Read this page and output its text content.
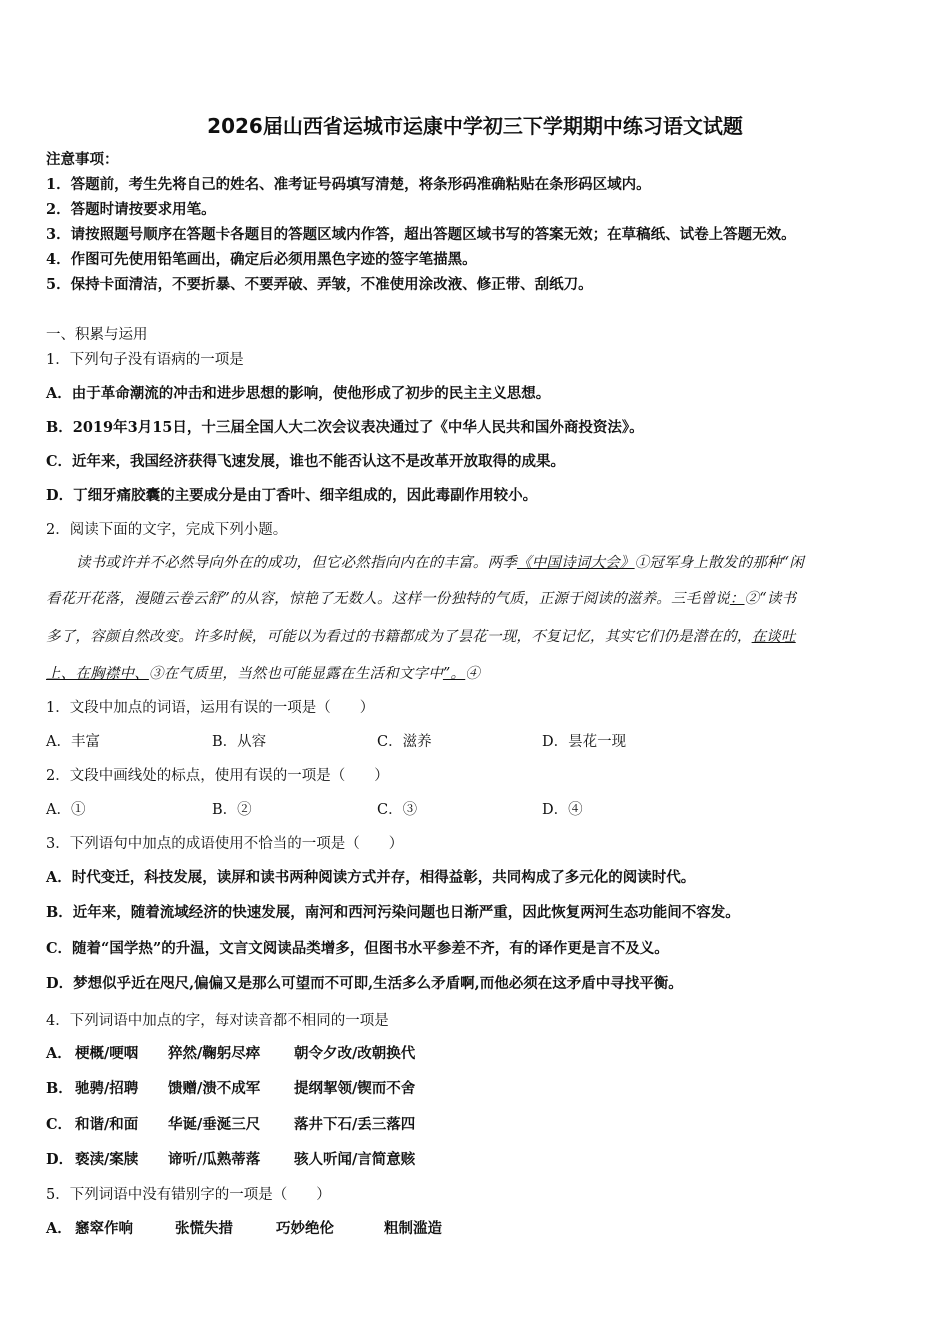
2026届山西省运城市运康中学初三下学期期中练习语文试题
注意事项：
1．答题前，考生先将自己的姓名、准考证号码填写清楚，将条形码准确粘贴在条形码区域内。
2．答题时请按要求用笔。
3．请按照题号顺序在答题卡各题目的答题区域内作答，超出答题区域书写的答案无效；在草稿纸、试卷上答题无效。
4．作图可先使用铅笔画出，确定后必须用黑色字迹的签字笔描黑。
5．保持卡面清洁，不要折暴、不要弄破、弄皱，不准使用涂改液、修正带、刮纸刀。
一、积累与运用
1．下列句子没有语病的一项是
A．由于革命潮流的冲击和进步思想的影响，使他形成了初步的民主主义思想。
B．2019年3月15日，十三届全国人大二次会议表决通过了《中华人民共和国外商投资法》。
C．近年来，我国经济获得飞速发展，谁也不能否认这不是改革开放取得的成果。
D．丁细牙痛胶囊的主要成分是由丁香叶、细辛组成的，因此毒副作用较小。
2．阅读下面的文字，完成下列小题。
读书或许并不必然导向外在的成功，但它必然指向内在的丰富。两季《中国诗词大会》①冠军身上散发的那种“闲
看花开花落，漫随云卷云舒”的从容，惊艳了无数人。这样一份独特的气质，正源于阅读的滋养。三毛曾说：②“读书
多了，容颜自然改变。许多时候，可能以为看过的书籍都成为了昙花一现，不复记忆，其实它们仍是潜在的，在谈吐
上、在胸襟中、③在气质里，当然也可能显露在生活和文字中”。④
1．文段中加点的词语，运用有误的一项是（　　）
A．丰富	B．从容	C．滋养	D．昙花一现
2．文段中画线处的标点，使用有误的一项是（　　）
A．①	B．②	C．③	D．④
3．下列语句中加点的成语使用不恰当的一项是（　　）
A．时代变迁，科技发展，读屏和读书两种阅读方式并存，相得益彰，共同构成了多元化的阅读时代。
B．近年来，随着流域经济的快速发展，南河和西河污染问题也日渐严重，因此恢复两河生态功能间不容发。
C．随着“国学热”的升温，文言文阅读品类增多，但图书水平参差不齐，有的译作更是言不及义。
D．梦想似乎近在咫尺,偏偏又是那么可望而不可即,生活多么矛盾啊,而他必须在这矛盾中寻找平衡。
4．下列词语中加点的字，每对读音都不相同的一项是
A． 梗概/哽咽 猝然/鞠躬尽瘁 朝令夕改/改朝换代
B． 驰骋/招聘 馈赠/溃不成军 提纲挈领/锲而不舍
C． 和谐/和面 华诞/垂涎三尺 落井下石/丢三落四
D． 亵渎/案牍 谛听/瓜熟蒂落 骇人听闻/言简意赅
5．下列词语中没有错别字的一项是（　　）
A． 窸窣作响	张慌失措	巧妙绝伦	粗制滥造
